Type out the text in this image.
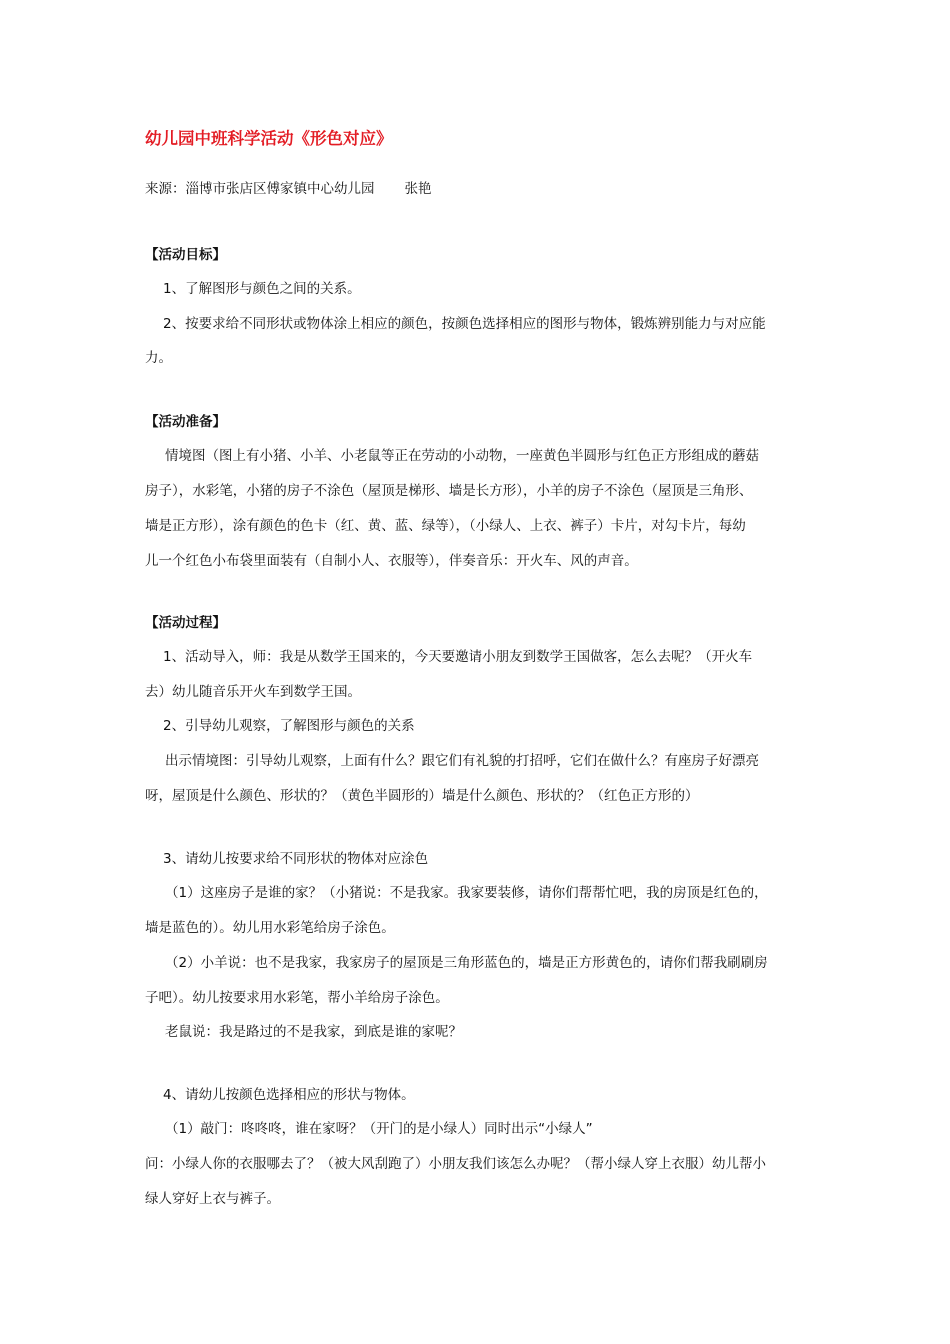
幼儿园中班科学活动《形色对应》
来源：淄博市张店区傅家镇中心幼儿园 张艳
【活动目标】
1、了解图形与颜色之间的关系。
2、按要求给不同形状或物体涂上相应的颜色，按颜色选择相应的图形与物体，锻炼辨别能力与对应能
力。
【活动准备】
情境图（图上有小猪、小羊、小老鼠等正在劳动的小动物，一座黄色半圆形与红色正方形组成的蘑菇
房子），水彩笔，小猪的房子不涂色（屋顶是梯形、墙是长方形），小羊的房子不涂色（屋顶是三角形、
墙是正方形），涂有颜色的色卡（红、黄、蓝、绿等），（小绿人、上衣、裤子）卡片，对勾卡片，每幼
儿一个红色小布袋里面装有（自制小人、衣服等），伴奏音乐：开火车、风的声音。
【活动过程】
1、活动导入，师：我是从数学王国来的，今天要邀请小朋友到数学王国做客，怎么去呢？（开火车
去）幼儿随音乐开火车到数学王国。
2、引导幼儿观察，了解图形与颜色的关系
出示情境图：引导幼儿观察，上面有什么？跟它们有礼貌的打招呼，它们在做什么？有座房子好漂亮
呀，屋顶是什么颜色、形状的？（黄色半圆形的）墙是什么颜色、形状的？（红色正方形的）
3、请幼儿按要求给不同形状的物体对应涂色
（1）这座房子是谁的家？（小猪说：不是我家。我家要装修，请你们帮帮忙吧，我的房顶是红色的，
墙是蓝色的）。幼儿用水彩笔给房子涂色。
（2）小羊说：也不是我家，我家房子的屋顶是三角形蓝色的，墙是正方形黄色的，请你们帮我刷刷房
子吧）。幼儿按要求用水彩笔，帮小羊给房子涂色。
老鼠说：我是路过的不是我家，到底是谁的家呢？
4、请幼儿按颜色选择相应的形状与物体。
（1）敲门：咚咚咚，谁在家呀？（开门的是小绿人）同时出示“小绿人”
问：小绿人你的衣服哪去了？（被大风刮跑了）小朋友我们该怎么办呢？（帮小绿人穿上衣服）幼儿帮小
绿人穿好上衣与裤子。
